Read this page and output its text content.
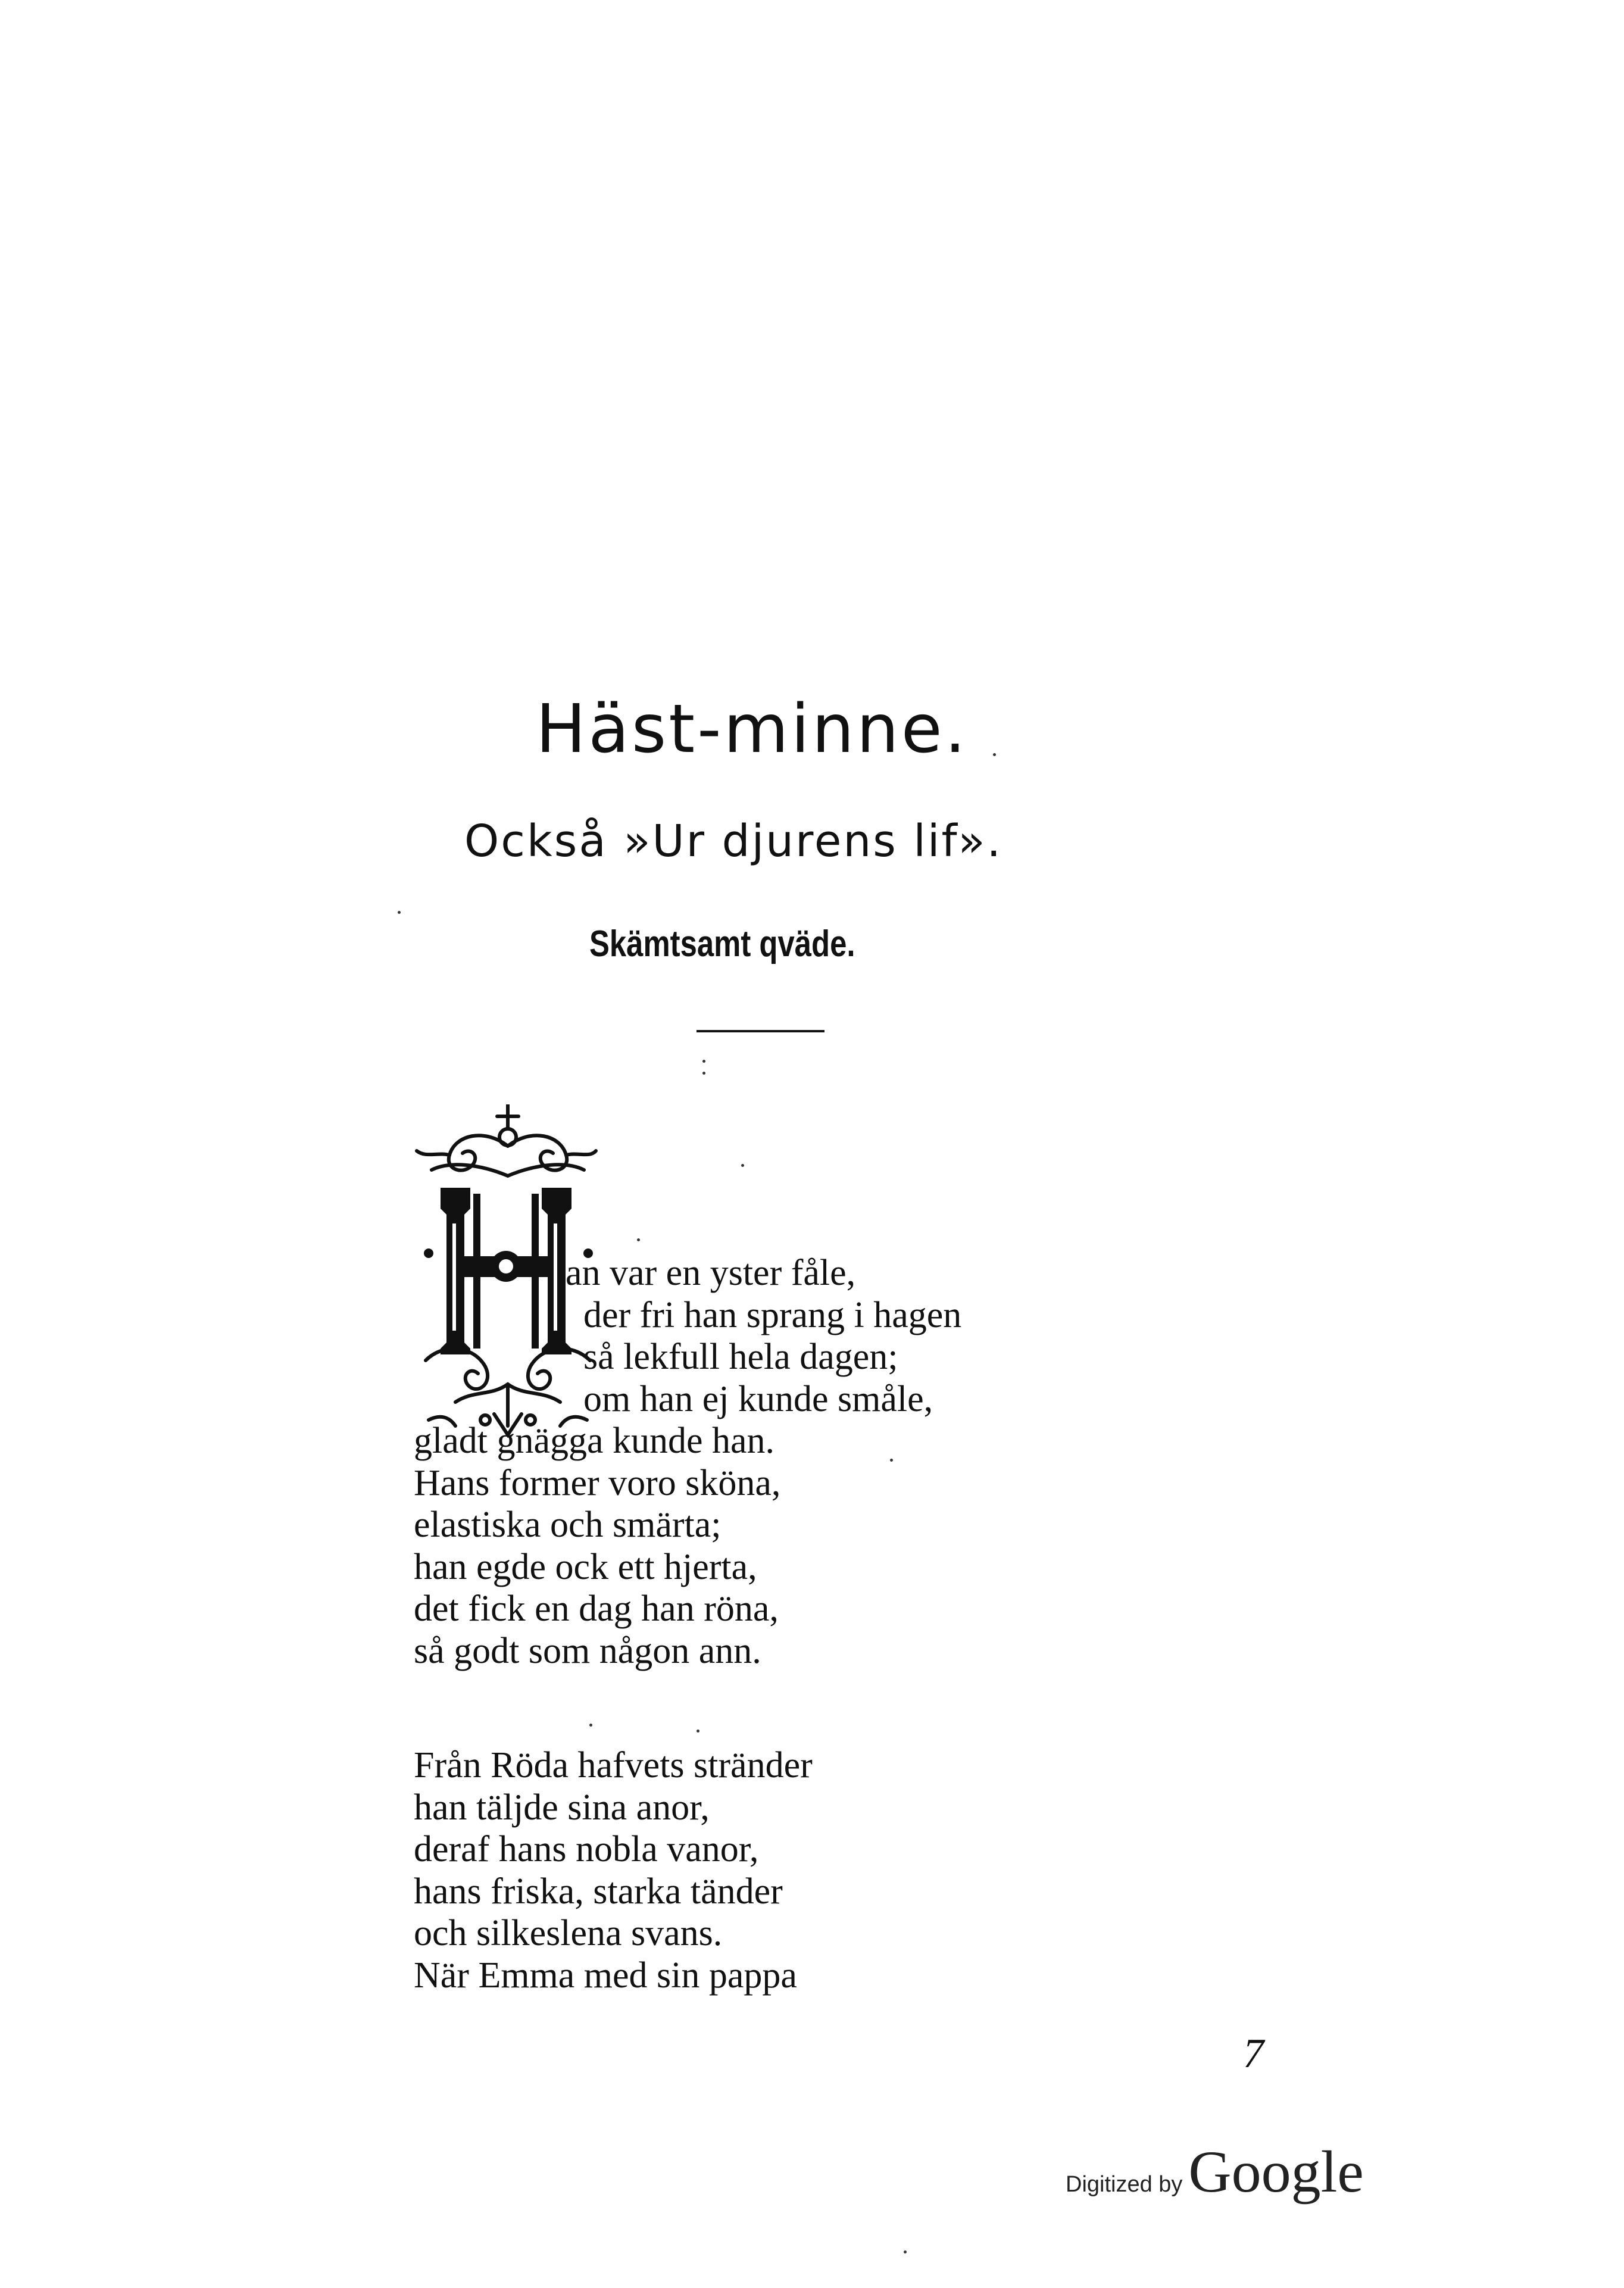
Häst-minne.
Också »Ur djurens lif».
Skämtsamt qväde.
an var en yster fåle,
der fri han sprang i hagen
så lekfull hela dagen;
om han ej kunde småle,
gladt gnägga kunde han.
Hans former voro sköna,
elastiska och smärta;
han egde ock ett hjerta,
det fick en dag han röna,
så godt som någon ann.
Från Röda hafvets stränder
han täljde sina anor,
deraf hans nobla vanor,
hans friska, starka tänder
och silkeslena svans.
När Emma med sin pappa
7
Digitized by Google
